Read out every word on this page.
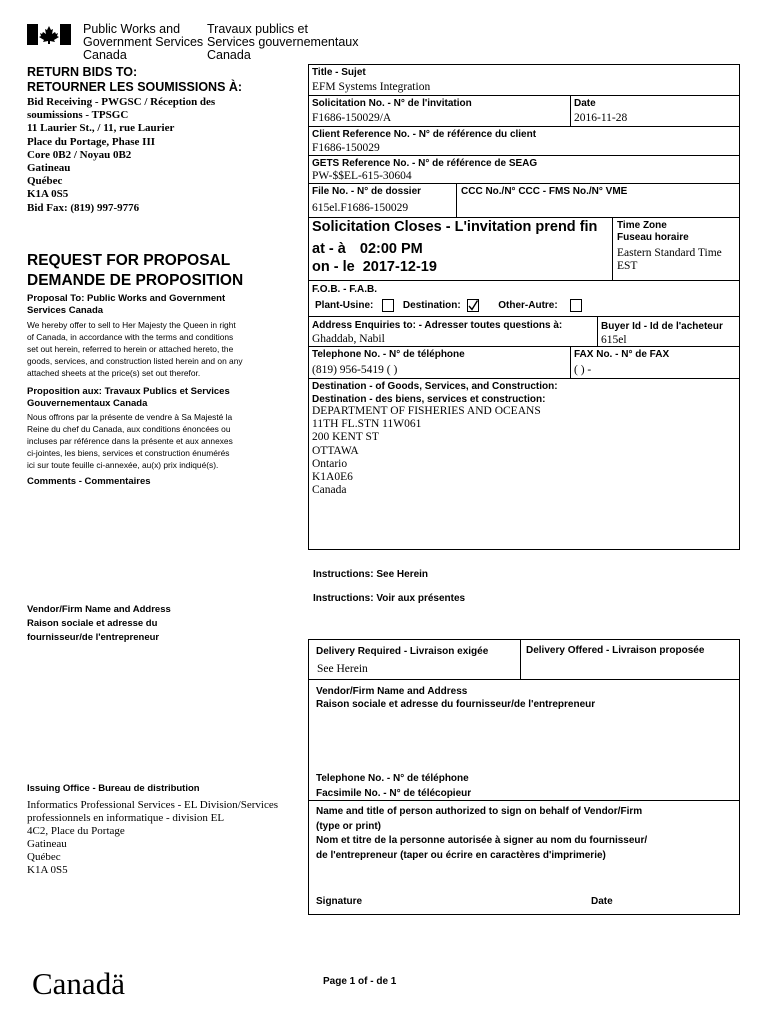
Public Works and
Government Services
Canada
Travaux publics et
Services gouvernementaux
Canada
RETURN BIDS TO:
RETOURNER LES SOUMISSIONS À:
Bid Receiving - PWGSC / Réception des
soumissions - TPSGC
11 Laurier St., / 11, rue Laurier
Place du Portage, Phase III
Core 0B2 / Noyau 0B2
Gatineau
Québec
K1A 0S5
Bid Fax: (819) 997-9776
REQUEST FOR PROPOSAL
DEMANDE DE PROPOSITION
Proposal To: Public Works and Government
Services Canada
We hereby offer to sell to Her Majesty the Queen in right
of Canada, in accordance with the terms and conditions
set out herein, referred to herein or attached hereto, the
goods, services, and construction listed herein and on any
attached sheets at the price(s) set out therefor.
Proposition aux: Travaux Publics et Services
Gouvernementaux Canada
Nous offrons par la présente de vendre à Sa Majesté la
Reine du chef du Canada, aux conditions énoncées ou
incluses par référence dans la présente et aux annexes
ci-jointes, les biens, services et construction énumérés
ici sur toute feuille ci-annexée, au(x) prix indiqué(s).
Comments - Commentaires
Vendor/Firm Name and Address
Raison sociale et adresse du
fournisseur/de l'entrepreneur
Issuing Office - Bureau de distribution
Informatics Professional Services - EL Division/Services
professionnels en informatique - division EL
4C2, Place du Portage
Gatineau
Québec
K1A 0S5
Canadä
Title - Sujet
EFM Systems Integration
Solicitation No. - N° de l'invitation
F1686-150029/A
Date
2016-11-28
Client Reference No. - N° de référence du client
F1686-150029
GETS Reference No. - N° de référence de SEAG
PW-$$EL-615-30604
File No. - N° de dossier
615el.F1686-150029
CCC No./N° CCC - FMS No./N° VME
Solicitation Closes - L'invitation prend fin Time Zone
Fuseau horaire
Eastern Standard Time
EST
at - à 02:00 PM
on - le 2017-12-19
F.O.B. - F.A.B.
Plant-Usine:	Destination:	Other-Autre:
Address Enquiries to: - Adresser toutes questions à:
Ghaddab, Nabil
Buyer Id - Id de l'acheteur
615el
Telephone No. - N° de téléphone
(819) 956-5419 ( )
FAX No. - N° de FAX
( ) -
Destination - of Goods, Services, and Construction:
Destination - des biens, services et construction:
DEPARTMENT OF FISHERIES AND OCEANS
11TH FL.STN 11W061
200 KENT ST
OTTAWA
Ontario
K1A0E6
Canada
Instructions: See Herein
Instructions: Voir aux présentes
Delivery Required - Livraison exigée
See Herein
Delivery Offered - Livraison proposée
Vendor/Firm Name and Address
Raison sociale et adresse du fournisseur/de l'entrepreneur
Telephone No. - N° de téléphone
Facsimile No. - N° de télécopieur
Name and title of person authorized to sign on behalf of Vendor/Firm
(type or print)
Nom et titre de la personne autorisée à signer au nom du fournisseur/
de l'entrepreneur (taper ou écrire en caractères d'imprimerie)
Signature	Date
Page 1 of - de 1
